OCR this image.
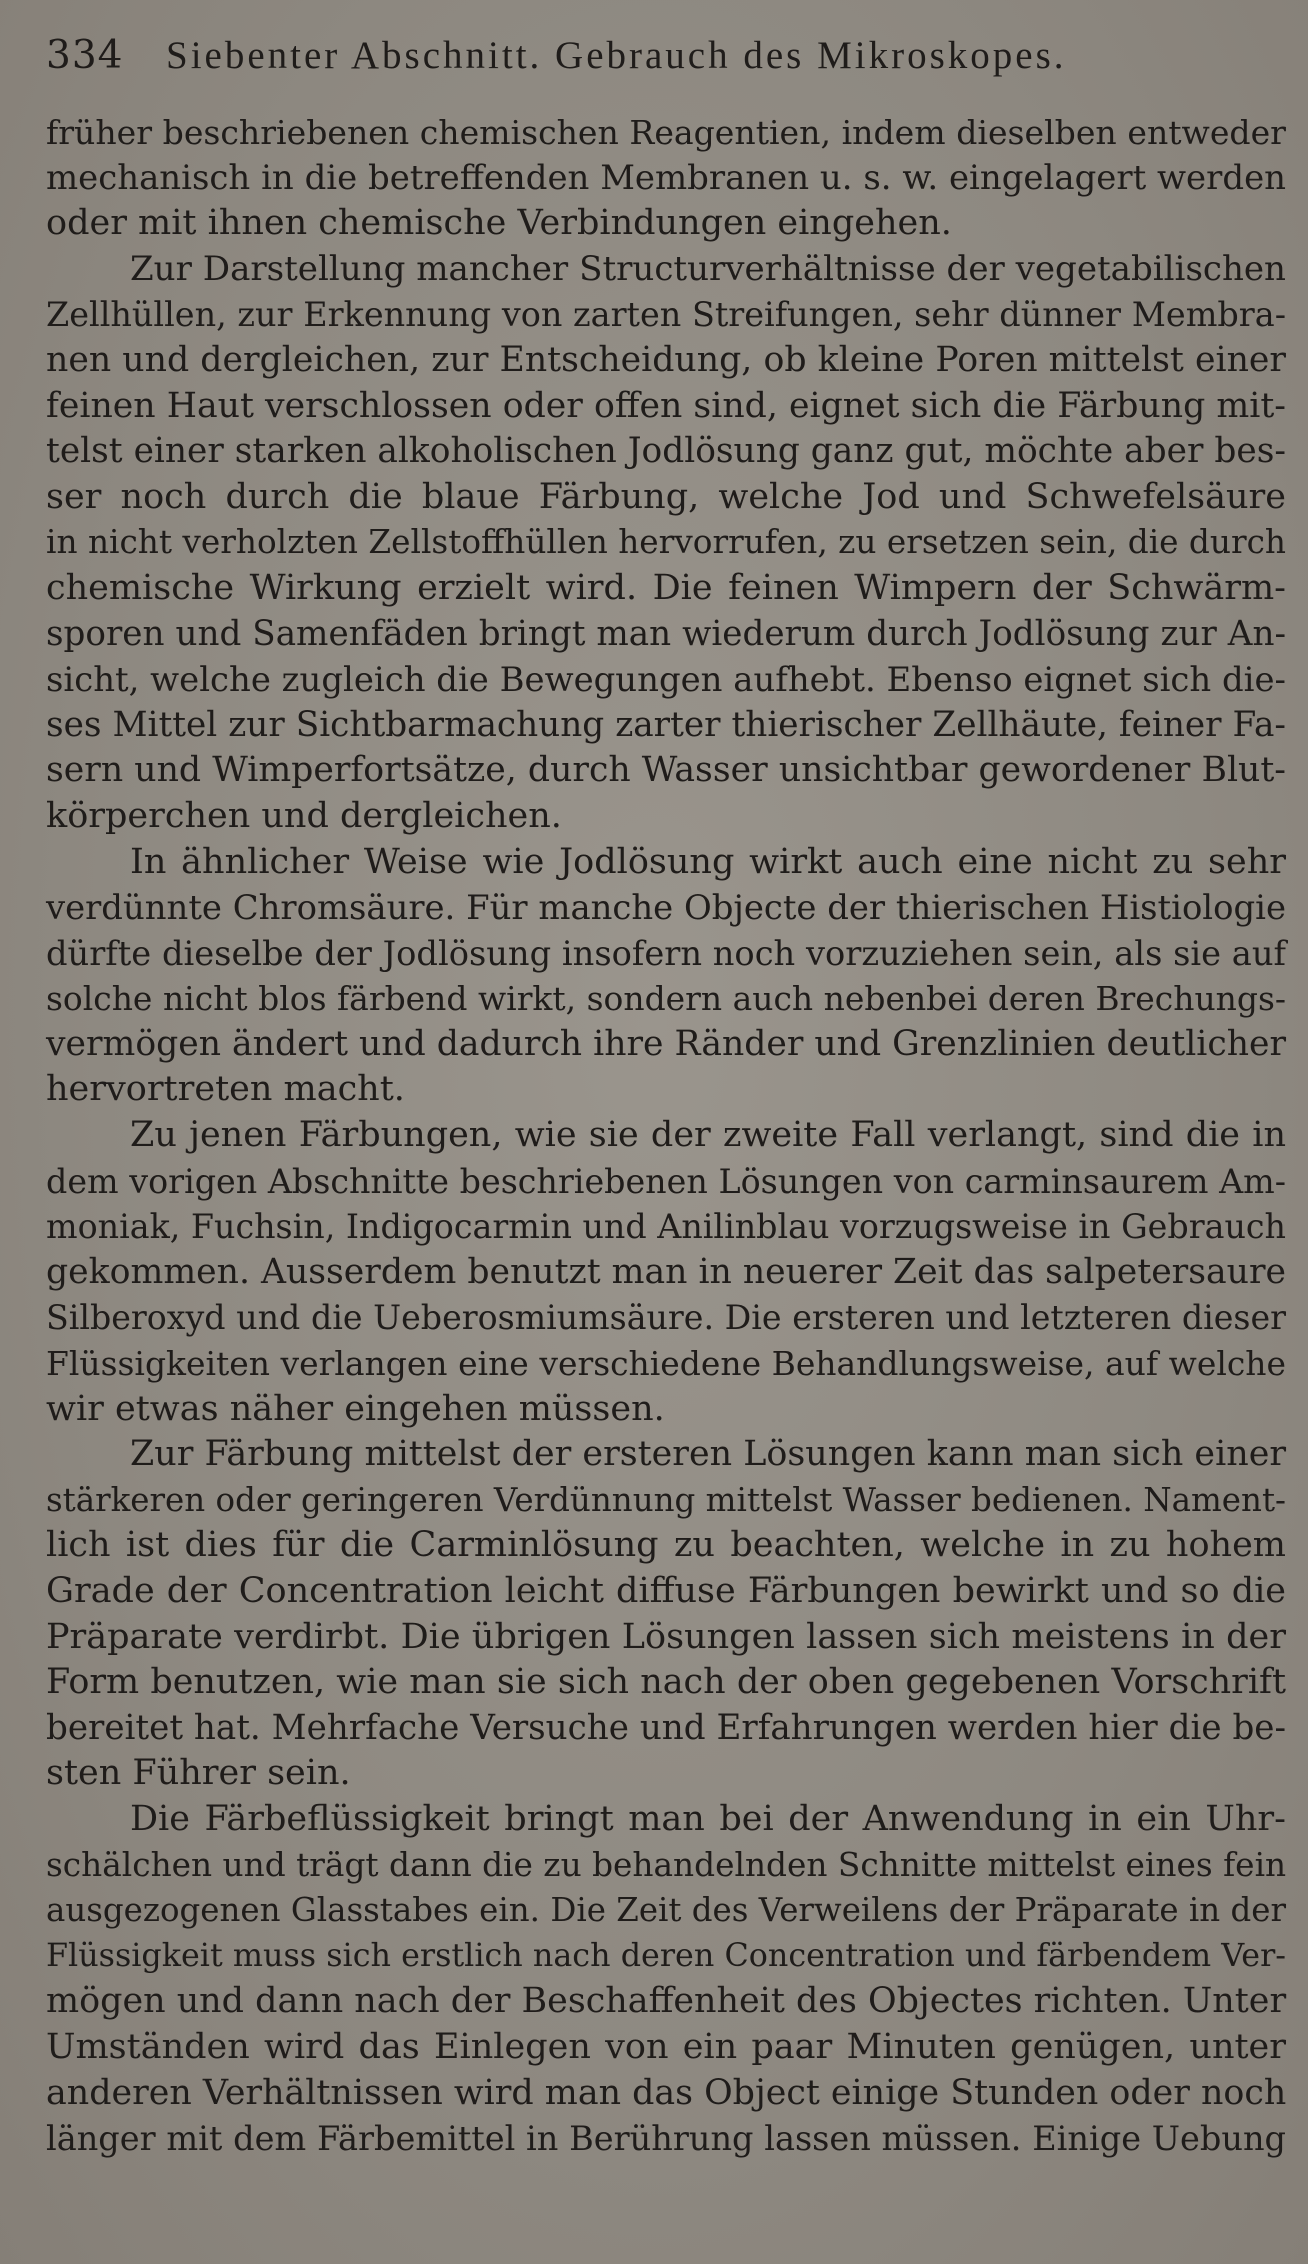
334 Siebenter Abschnitt. Gebrauch des Mikroskopes.
früher beschriebenen chemischen Reagentien, indem dieselben entweder
mechanisch in die betreffenden Membranen u. s. w. eingelagert werden
oder mit ihnen chemische Verbindungen eingehen.
Zur Darstellung mancher Structurverhältnisse der vegetabilischen
Zellhüllen, zur Erkennung von zarten Streifungen, sehr dünner Membra-
nen und dergleichen, zur Entscheidung, ob kleine Poren mittelst einer
feinen Haut verschlossen oder offen sind, eignet sich die Färbung mit-
telst einer starken alkoholischen Jodlösung ganz gut, möchte aber bes-
ser noch durch die blaue Färbung, welche Jod und Schwefelsäure
in nicht verholzten Zellstoffhüllen hervorrufen, zu ersetzen sein, die durch
chemische Wirkung erzielt wird. Die feinen Wimpern der Schwärm-
sporen und Samenfäden bringt man wiederum durch Jodlösung zur An-
sicht, welche zugleich die Bewegungen aufhebt. Ebenso eignet sich die-
ses Mittel zur Sichtbarmachung zarter thierischer Zellhäute, feiner Fa-
sern und Wimperfortsätze, durch Wasser unsichtbar gewordener Blut-
körperchen und dergleichen.
In ähnlicher Weise wie Jodlösung wirkt auch eine nicht zu sehr
verdünnte Chromsäure. Für manche Objecte der thierischen Histiologie
dürfte dieselbe der Jodlösung insofern noch vorzuziehen sein, als sie auf
solche nicht blos färbend wirkt, sondern auch nebenbei deren Brechungs-
vermögen ändert und dadurch ihre Ränder und Grenzlinien deutlicher
hervortreten macht.
Zu jenen Färbungen, wie sie der zweite Fall verlangt, sind die in
dem vorigen Abschnitte beschriebenen Lösungen von carminsaurem Am-
moniak, Fuchsin, Indigocarmin und Anilinblau vorzugsweise in Gebrauch
gekommen. Ausserdem benutzt man in neuerer Zeit das salpetersaure
Silberoxyd und die Ueberosmiumsäure. Die ersteren und letzteren dieser
Flüssigkeiten verlangen eine verschiedene Behandlungsweise, auf welche
wir etwas näher eingehen müssen.
Zur Färbung mittelst der ersteren Lösungen kann man sich einer
stärkeren oder geringeren Verdünnung mittelst Wasser bedienen. Nament-
lich ist dies für die Carminlösung zu beachten, welche in zu hohem
Grade der Concentration leicht diffuse Färbungen bewirkt und so die
Präparate verdirbt. Die übrigen Lösungen lassen sich meistens in der
Form benutzen, wie man sie sich nach der oben gegebenen Vorschrift
bereitet hat. Mehrfache Versuche und Erfahrungen werden hier die be-
sten Führer sein.
Die Färbeflüssigkeit bringt man bei der Anwendung in ein Uhr-
schälchen und trägt dann die zu behandelnden Schnitte mittelst eines fein
ausgezogenen Glasstabes ein. Die Zeit des Verweilens der Präparate in der
Flüssigkeit muss sich erstlich nach deren Concentration und färbendem Ver-
mögen und dann nach der Beschaffenheit des Objectes richten. Unter
Umständen wird das Einlegen von ein paar Minuten genügen, unter
anderen Verhältnissen wird man das Object einige Stunden oder noch
länger mit dem Färbemittel in Berührung lassen müssen. Einige Uebung
